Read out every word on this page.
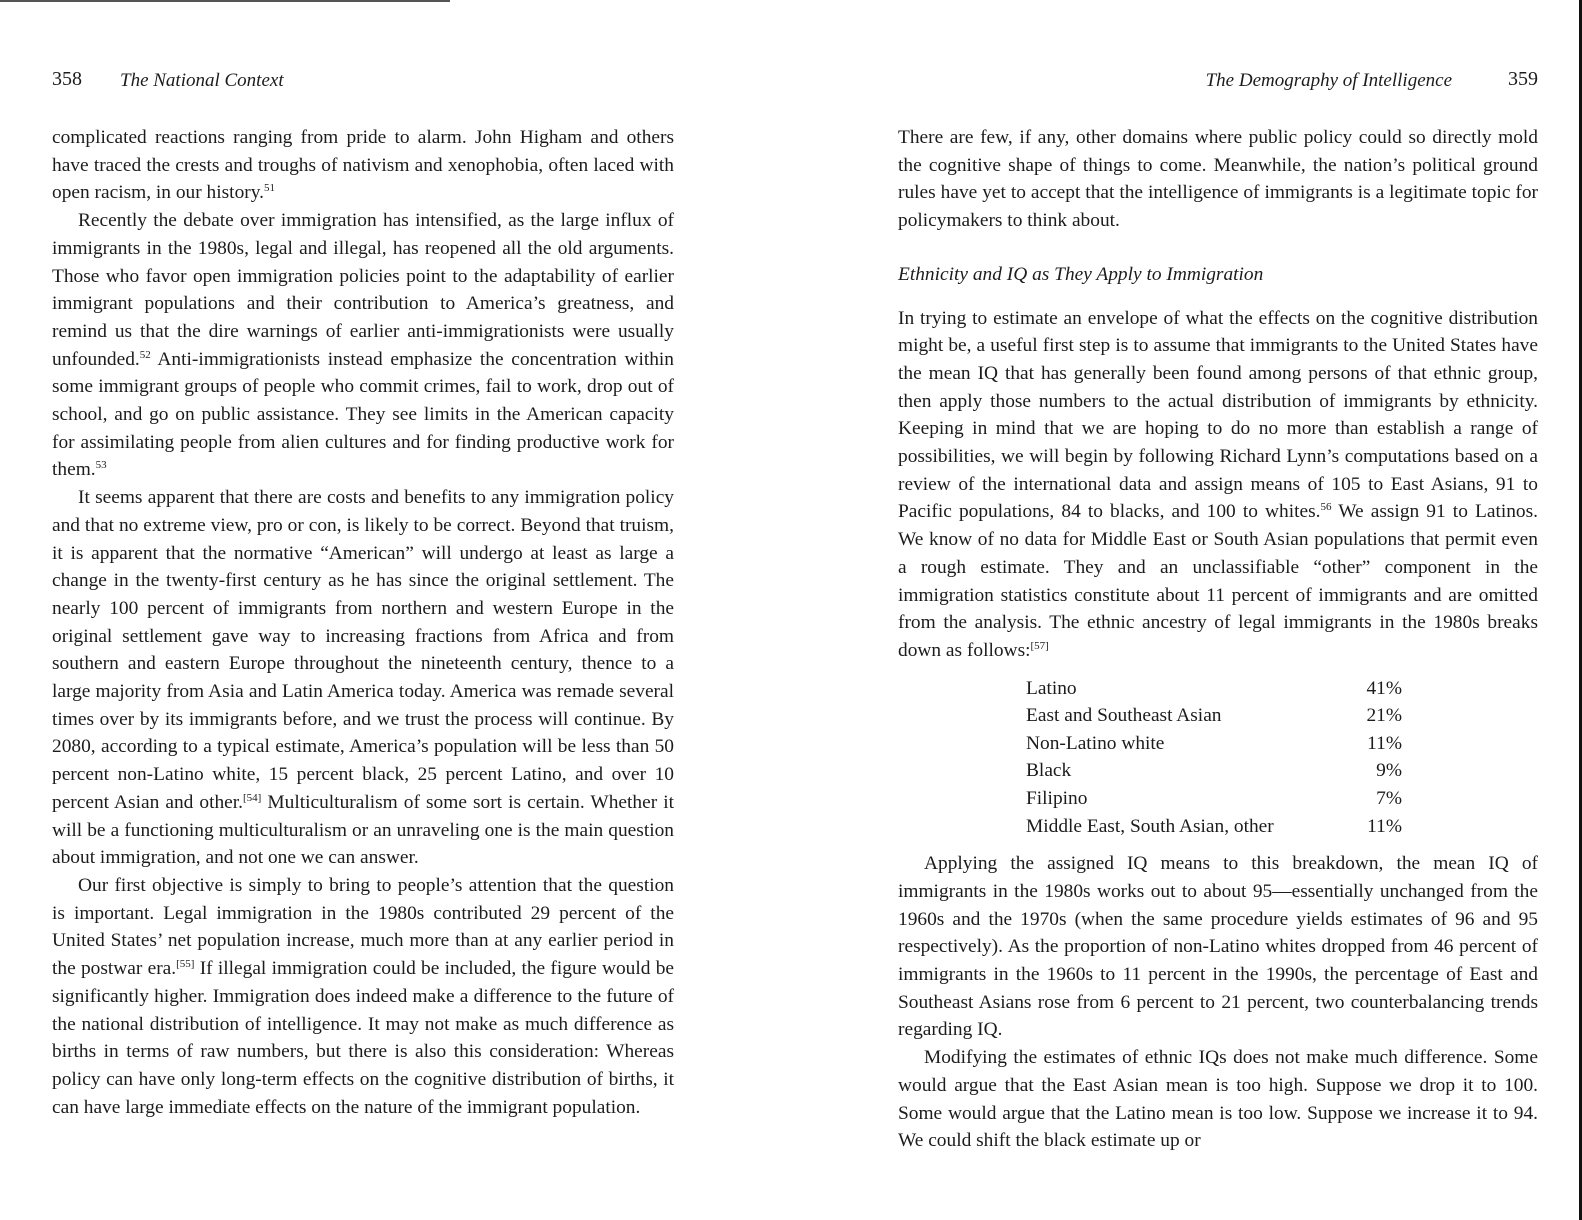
358 The National Context

complicated reactions ranging from pride to alarm. John Higham and others have traced the crests and troughs of nativism and xenophobia, often laced with open racism, in our history.$^{51}$

Recently the debate over immigration has intensified, as the large influx of immigrants in the 1980s, legal and illegal, has reopened all the old arguments. Those who favor open immigration policies point to the adaptability of earlier immigrant populations and their contribution to America’s greatness, and remind us that the dire warnings of earlier anti-immigrationists were usually unfounded.$^{52}$ Anti-immigrationists instead emphasize the concentration within some immigrant groups of people who commit crimes, fail to work, drop out of school, and go on public assistance. They see limits in the American capacity for assimilating people from alien cultures and for finding productive work for them.$^{53}$

It seems apparent that there are costs and benefits to any immigration policy and that no extreme view, pro or con, is likely to be correct. Beyond that truism, it is apparent that the normative “American” will undergo at least as large a change in the twenty-first century as he has since the original settlement. The nearly 100 percent of immigrants from northern and western Europe in the original settlement gave way to increasing fractions from Africa and from southern and eastern Europe throughout the nineteenth century, thence to a large majority from Asia and Latin America today. America was remade several times over by its immigrants before, and we trust the process will continue. By 2080, according to a typical estimate, America’s population will be less than 50 percent non-Latino white, 15 percent black, 25 percent Latino, and over 10 percent Asian and other.[54] Multiculturalism of some sort is certain. Whether it will be a functioning multiculturalism or an unraveling one is the main question about immigration, and not one we can answer.

Our first objective is simply to bring to people’s attention that the question is important. Legal immigration in the 1980s contributed 29 percent of the United States’ net population increase, much more than at any earlier period in the postwar era.[55] If illegal immigration could be included, the figure would be significantly higher. Immigration does indeed make a difference to the future of the national distribution of intelligence. It may not make as much difference as births in terms of raw numbers, but there is also this consideration: Whereas policy can have only long-term effects on the cognitive distribution of births, it can have large immediate effects on the nature of the immigrant population.

The Demography of Intelligence	359

There are few, if any, other domains where public policy could so directly mold the cognitive shape of things to come. Meanwhile, the nation’s political ground rules have yet to accept that the intelligence of immigrants is a legitimate topic for policymakers to think about.

Ethnicity and IQ as They Apply to Immigration

In trying to estimate an envelope of what the effects on the cognitive distribution might be, a useful first step is to assume that immigrants to the United States have the mean IQ that has generally been found among persons of that ethnic group, then apply those numbers to the actual distribution of immigrants by ethnicity. Keeping in mind that we are hoping to do no more than establish a range of possibilities, we will begin by following Richard Lynn’s computations based on a review of the international data and assign means of 105 to East Asians, 91 to Pacific populations, 84 to blacks, and 100 to whites.$^{56}$ We assign 91 to Latinos. We know of no data for Middle East or South Asian populations that permit even a rough estimate. They and an unclassifiable “other” component in the immigration statistics constitute about 11 percent of immigrants and are omitted from the analysis. The ethnic ancestry of legal immigrants in the 1980s breaks down as follows:[57]

Latino	41%
East and Southeast Asian	21%
Non-Latino white	11%
Black	9%
Filipino	7%
Middle East, South Asian, other	11%

Applying the assigned IQ means to this breakdown, the mean IQ of immigrants in the 1980s works out to about 95—essentially unchanged from the 1960s and the 1970s (when the same procedure yields estimates of 96 and 95 respectively). As the proportion of non-Latino whites dropped from 46 percent of immigrants in the 1960s to 11 percent in the 1990s, the percentage of East and Southeast Asians rose from 6 percent to 21 percent, two counterbalancing trends regarding IQ.

Modifying the estimates of ethnic IQs does not make much difference. Some would argue that the East Asian mean is too high. Suppose we drop it to 100. Some would argue that the Latino mean is too low. Suppose we increase it to 94. We could shift the black estimate up or
